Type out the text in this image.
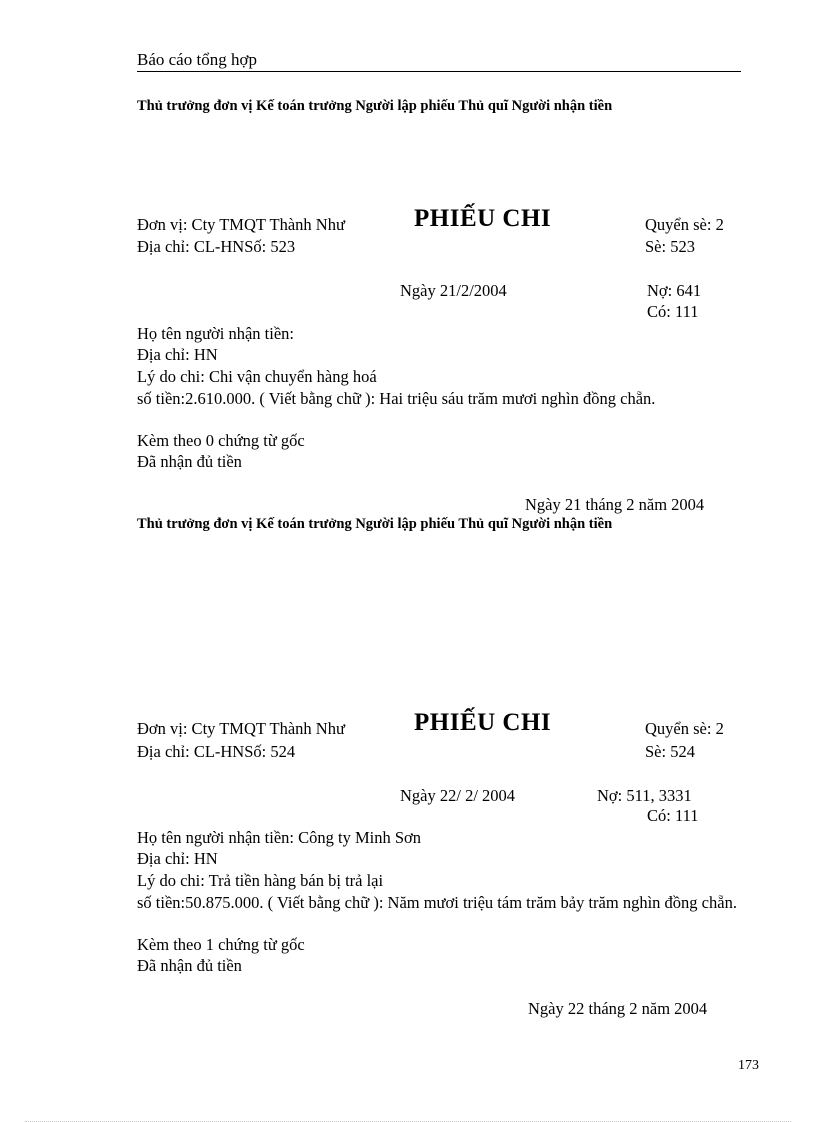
Báo cáo tổng hợp
Thủ trưởng đơn vị Kế toán trưởng Người lập phiếu Thủ quĩ Người nhận tiền
Đơn vị: Cty TMQT Thành Như	PHIẾU CHI	Quyển sè: 2
Địa chỉ: CL-HNSố: 523	Sè: 523
Ngày 21/2/2004	Nợ: 641
Có: 111
Họ tên người nhận tiền:
Địa chỉ: HN
Lý do chi: Chi vận chuyển hàng hoá
số tiền:2.610.000. ( Viết bằng chữ ): Hai triệu sáu trăm mươi nghìn đồng chẵn.
Kèm theo 0 chứng từ gốc
Đã nhận đủ tiền
Ngày 21 tháng 2 năm 2004
Thủ trưởng đơn vị Kế toán trưởng Người lập phiếu Thủ quĩ Người nhận tiền
Đơn vị: Cty TMQT Thành Như	PHIẾU CHI	Quyển sè: 2
Địa chỉ: CL-HNSố: 524	Sè: 524
Ngày 22/ 2/ 2004	Nợ: 511, 3331
Có: 111
Họ tên người nhận tiền: Công ty Minh Sơn
Địa chỉ: HN
Lý do chi: Trả tiền hàng bán bị trả lại
số tiền:50.875.000. ( Viết bằng chữ ): Năm mươi triệu tám trăm bảy trăm nghìn đồng chẵn.
Kèm theo 1 chứng từ gốc
Đã nhận đủ tiền
Ngày 22 tháng 2 năm 2004
173
